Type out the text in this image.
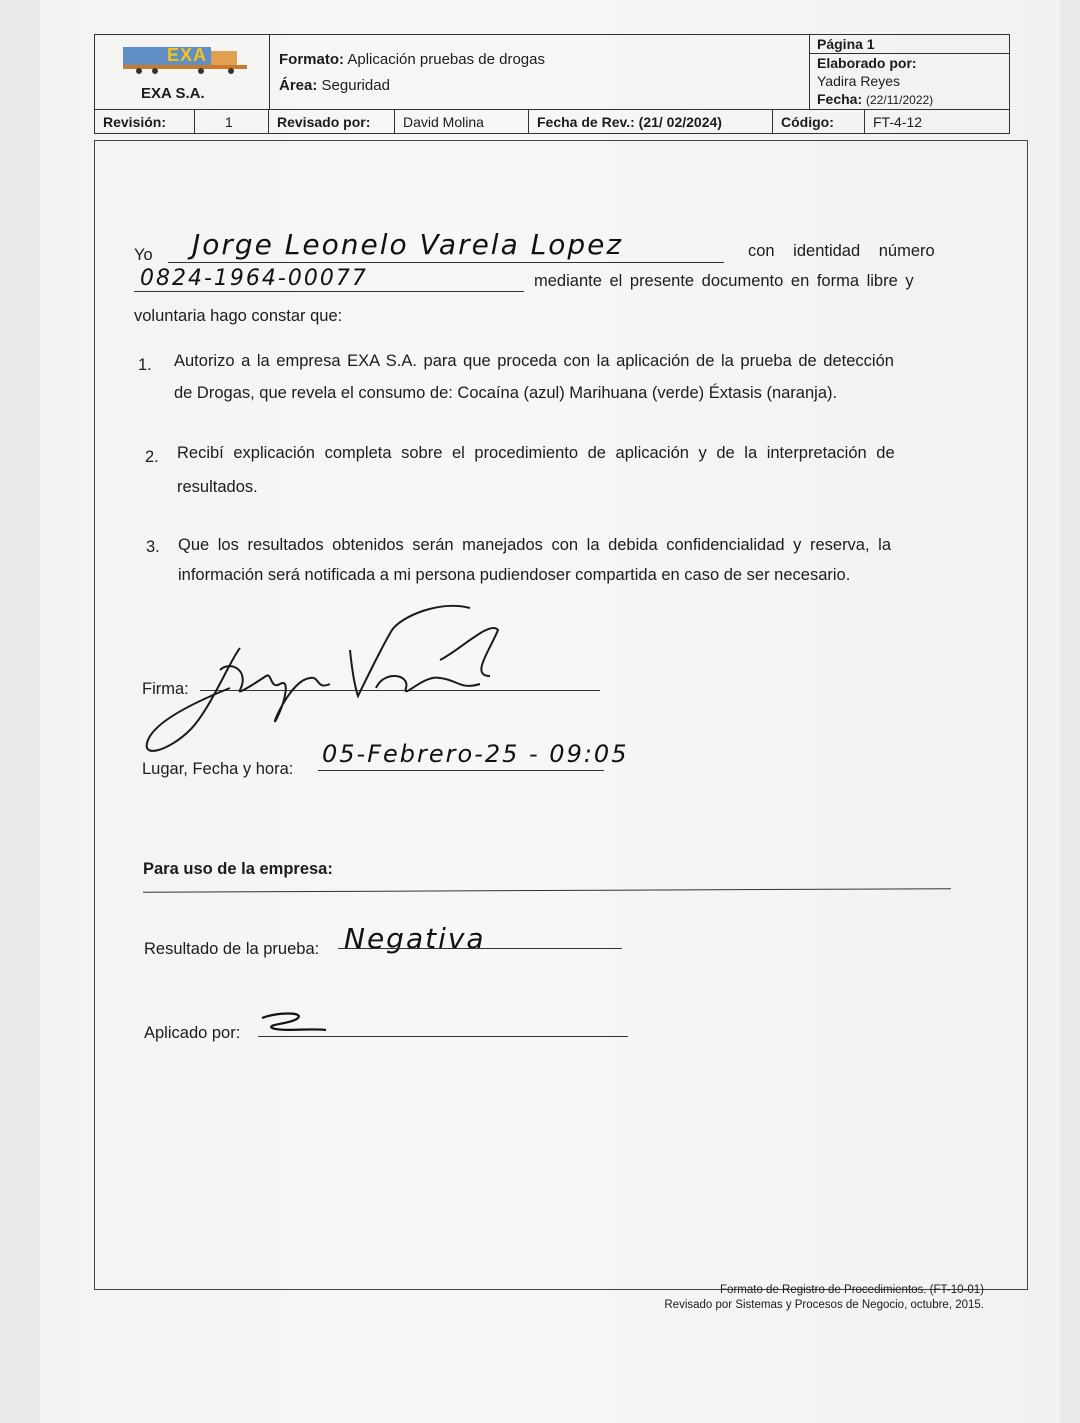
EXA
EXA S.A.
Formato: Aplicación pruebas de drogas
Área: Seguridad
Página 1
Elaborado por:
Yadira Reyes
Fecha: (22/11/2022)
Revisión:	1	Revisado por:	David Molina	Fecha de Rev.: (21/ 02/2024)	Código:	FT-4-12
Yo Jorge Leonelo Varela Lopez	con identidad número
0824-1964-00077	mediante el presente documento en forma libre y
voluntaria hago constar que:
1. Autorizo a la empresa EXA S.A. para que proceda con la aplicación de la prueba de detección
de Drogas, que revela el consumo de: Cocaína (azul) Marihuana (verde) Éxtasis (naranja).
2. Recibí explicación completa sobre el procedimiento de aplicación y de la interpretación de
resultados.
3. Que los resultados obtenidos serán manejados con la debida confidencialidad y reserva, la
información será notificada a mi persona pudiendoser compartida en caso de ser necesario.
Firma:
Lugar, Fecha y hora:
05-Febrero-25 - 09:05
Para uso de la empresa:
Resultado de la prueba: Negativa
Aplicado por:
Formato de Registro de Procedimientos. (FT-10-01)
Revisado por Sistemas y Procesos de Negocio, octubre, 2015.
